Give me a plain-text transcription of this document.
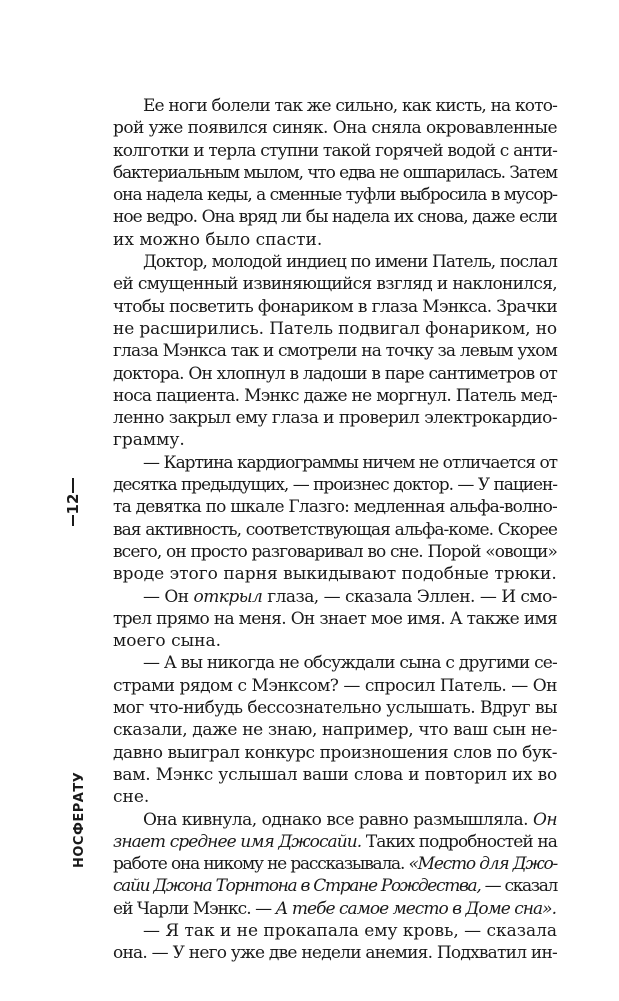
12
НОСФЕРАТУ
Ее ноги болели так же сильно, как кисть, на кото-
рой уже появился синяк. Она сняла окровавленные
колготки и терла ступни такой горячей водой с анти-
бактериальным мылом, что едва не ошпарилась. Затем
она надела кеды, а сменные туфли выбросила в мусор-
ное ведро. Она вряд ли бы надела их снова, даже если
их можно было спасти.
Доктор, молодой индиец по имени Патель, послал
ей смущенный извиняющийся взгляд и наклонился,
чтобы посветить фонариком в глаза Мэнкса. Зрачки
не расширились. Патель подвигал фонариком, но
глаза Мэнкса так и смотрели на точку за левым ухом
доктора. Он хлопнул в ладоши в паре сантиметров от
носа пациента. Мэнкс даже не моргнул. Патель мед-
ленно закрыл ему глаза и проверил электрокардио-
грамму.
— Картина кардиограммы ничем не отличается от
десятка предыдущих, — произнес доктор. — У пациен-
та девятка по шкале Глазго: медленная альфа-волно-
вая активность, соответствующая альфа-коме. Скорее
всего, он просто разговаривал во сне. Порой «овощи»
вроде этого парня выкидывают подобные трюки.
— Он открыл глаза, — сказала Эллен. — И смо-
трел прямо на меня. Он знает мое имя. А также имя
моего сына.
— А вы никогда не обсуждали сына с другими се-
страми рядом с Мэнксом? — спросил Патель. — Он
мог что-нибудь бессознательно услышать. Вдруг вы
сказали, даже не знаю, например, что ваш сын не-
давно выиграл конкурс произношения слов по бук-
вам. Мэнкс услышал ваши слова и повторил их во
сне.
Она кивнула, однако все равно размышляла. Он
знает среднее имя Джосайи. Таких подробностей на
работе она никому не рассказывала. «Место для Джо-
сайи Джона Торнтона в Стране Рождества, — сказал
ей Чарли Мэнкс. — А тебе самое место в Доме сна».
— Я так и не прокапала ему кровь, — сказала
она. — У него уже две недели анемия. Подхватил ин-
